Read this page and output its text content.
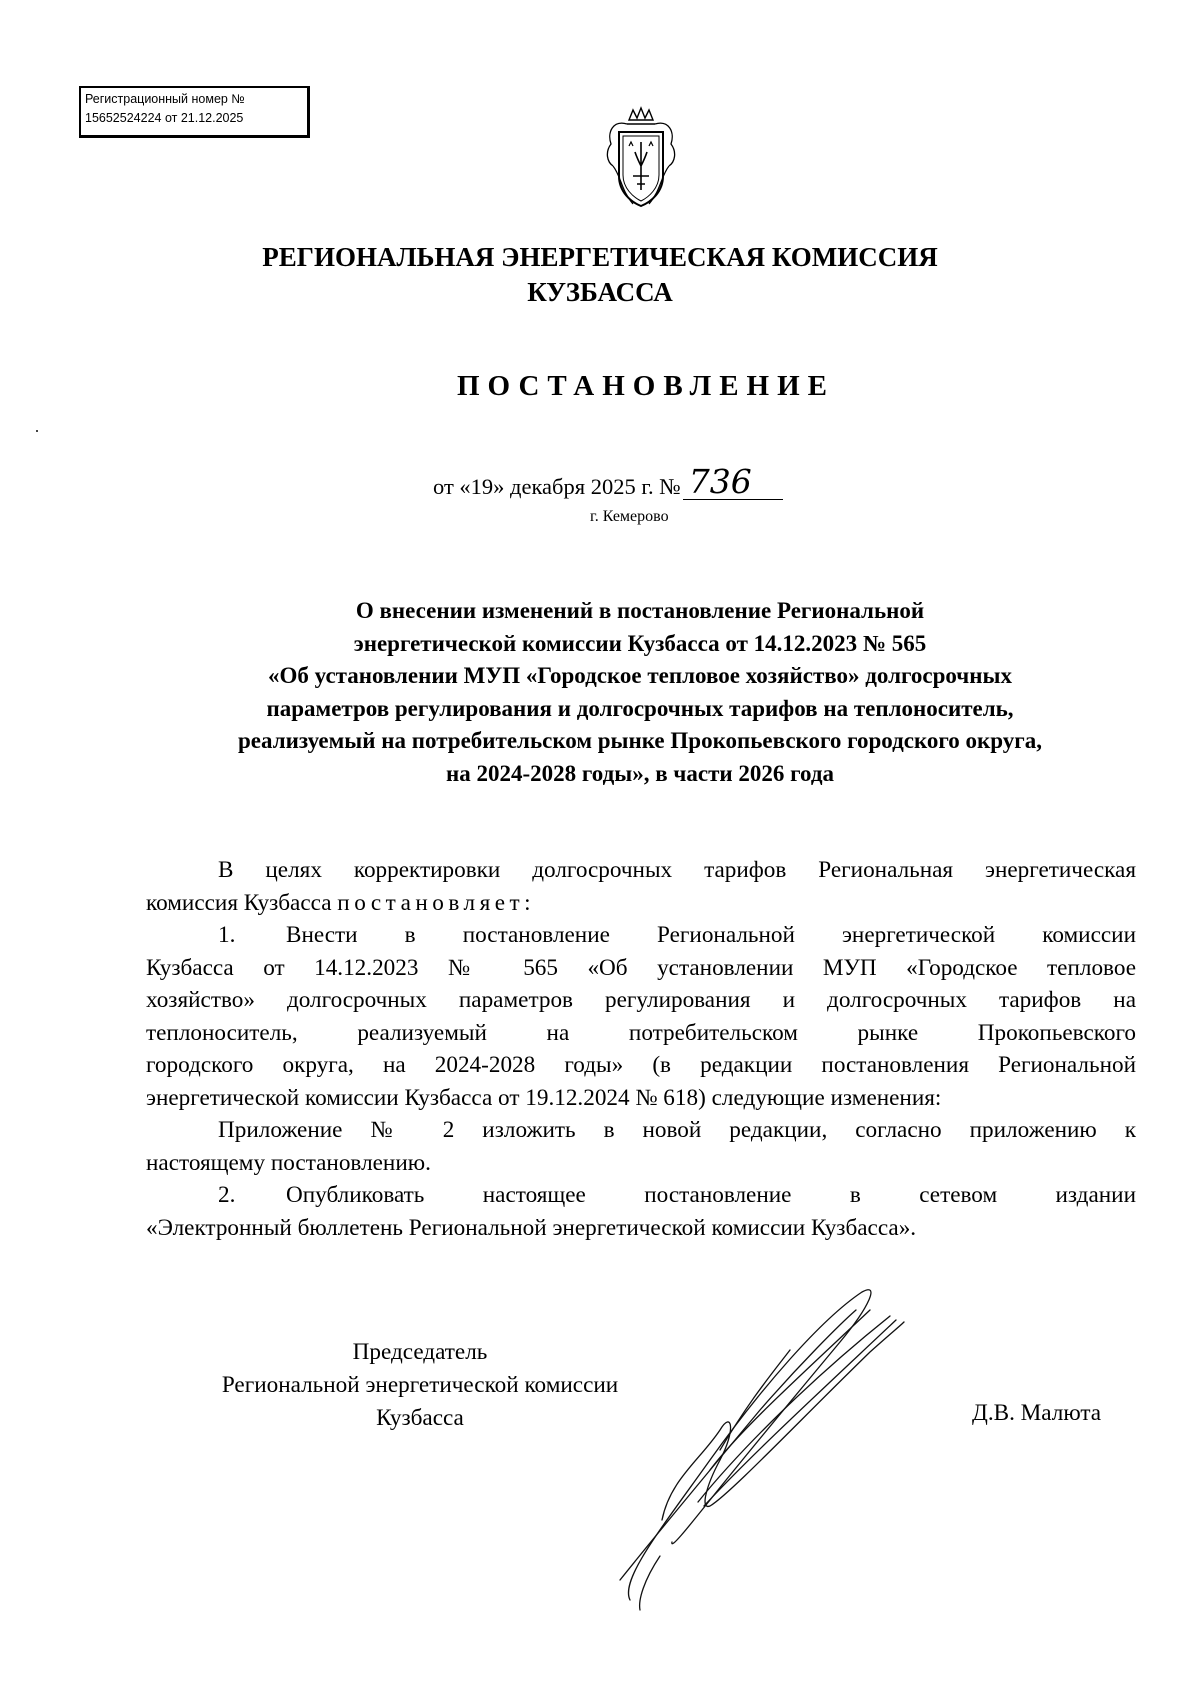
Регистрационный номер №
15652524224 от 21.12.2025
РЕГИОНАЛЬНАЯ ЭНЕРГЕТИЧЕСКАЯ КОМИССИЯ
КУЗБАССА
ПОСТАНОВЛЕНИЕ
от «19» декабря 2025 г. № 736
г. Кемерово
О внесении изменений в постановление Региональной
энергетической комиссии Кузбасса от 14.12.2023 № 565
«Об установлении МУП «Городское тепловое хозяйство» долгосрочных
параметров регулирования и долгосрочных тарифов на теплоноситель,
реализуемый на потребительском рынке Прокопьевского городского округа,
на 2024-2028 годы», в части 2026 года
В целях корректировки долгосрочных тарифов Региональная энергетическая
комиссия Кузбасса постановляет:
1. Внести в постановление Региональной энергетической комиссии
Кузбасса от 14.12.2023 № 565 «Об установлении МУП «Городское тепловое
хозяйство» долгосрочных параметров регулирования и долгосрочных тарифов на
теплоноситель, реализуемый на потребительском рынке Прокопьевского
городского округа, на 2024-2028 годы» (в редакции постановления Региональной
энергетической комиссии Кузбасса от 19.12.2024 № 618) следующие изменения:
Приложение № 2 изложить в новой редакции, согласно приложению к
настоящему постановлению.
2. Опубликовать настоящее постановление в сетевом издании
«Электронный бюллетень Региональной энергетической комиссии Кузбасса».
Председатель
Региональной энергетической комиссии
Кузбасса	Д.В. Малюта
